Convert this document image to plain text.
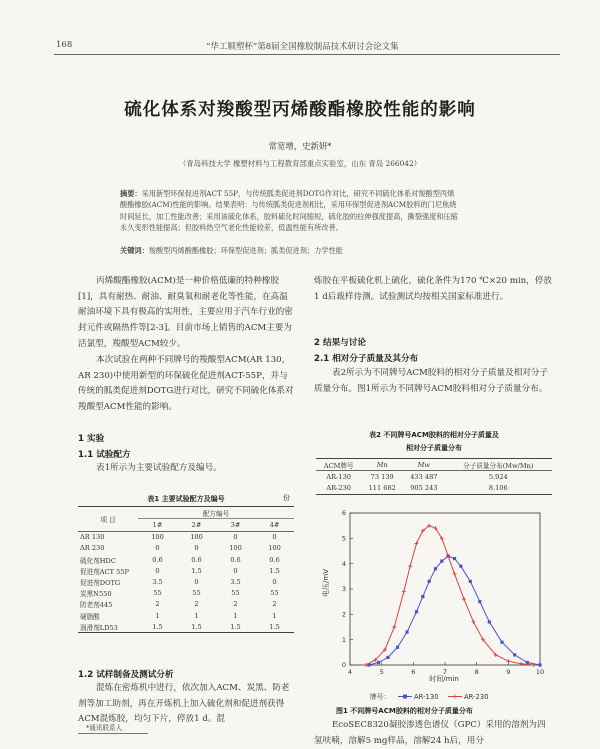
168	“华工顺塑杯”第8届全国橡胶制品技术研讨会论文集
硫化体系对羧酸型丙烯酸酯橡胶性能的影响
常宽增，史新妍*
（青岛科技大学 橡塑材料与工程教育部重点实验室，山东 青岛 266042）
摘要：采用新型环保促进剂ACT 55P，与传统胍类促进剂DOTG作对比，研究不同硫化体系对羧酸型丙烯酸酯橡胶(ACM)性能的影响。结果表明：与传统胍类促进剂相比，采用环保型促进剂ACM胶料的门尼焦烧时间延长，加工性能改善；采用该硫化体系，胶料硫化时间缩短，硫化胶的拉伸强度提高，撕裂强度和压缩永久变形性能提高；但胶料热空气老化性能较差，低温性能有所改善。
关键词：羧酸型丙烯酸酯橡胶；环保型促进剂；胍类促进剂；力学性能
丙烯酸酯橡胶(ACM)是一种价格低廉的特种橡胶[1]，具有耐热、耐油、耐臭氧和耐老化等性能，在高温耐油环境下具有极高的实用性，主要应用于汽车行业的密封元件或隔热件等[2-3]。目前市场上销售的ACM主要为活氯型，羧酸型ACM较少。
本次试验在两种不同牌号的羧酸型ACM(AR 130，AR 230)中使用新型的环保硫化促进剂ACT-55P，并与传统的胍类促进剂DOTG进行对比，研究不同硫化体系对羧酸型ACM性能的影响。
1 实验
1.1 试验配方
表1所示为主要试验配方及编号。
表1 主要试验配方及编号	份
项 目	配方编号			
	1#	2#	3#	4#
AR 130	100	100	0	0
AR 230	0	0	100	100
硫化剂HDC	0.6	0.6	0.6	0.6
促进剂ACT 55P	0	1.5	0	1.5
促进剂DOTG	3.5	0	3.5	0
炭黑N550	55	55	55	55
防老剂445	2	2	2	2
硬脂酸	1	1	1	1
润滑剂LD53	1.5	1.5	1.5	1.5
1.2 试样制备及测试分析
混炼在密炼机中进行，依次加入ACM、炭黑、防老剂等加工助剂，再在开炼机上加入硫化剂和促进剂获得ACM混炼胶，均匀下片，停放1 d。混
*通讯联系人
炼胶在平板硫化机上硫化，硫化条件为170 ℃×20 min，停放1 d后裁样待测。试验测试均按相关国家标准进行。
2 结果与讨论
2.1 相对分子质量及其分布
表2所示为不同牌号ACM胶料的相对分子质量及相对分子质量分布。图1所示为不同牌号ACM胶料相对分子质量分布。
表2 不同牌号ACM胶料的相对分子质量及
相对分子质量分布
ACM牌号	Mn	Mw	分子质量分布(Mw/Mn)
AR-130	73 139	433 487	5.924
AR-230	111 682	905 243	8.106
4	5	6	7	8	9	10
0
1
2
3
4
5
6
电压/mV
时间/min
牌号：	AR-130 + AR-230
图1 不同牌号ACM胶料的相对分子质量分布
EcoSEC8320凝胶渗透色谱仪（GPC）采用的溶剂为四氢呋喃，溶解5 mg样品，溶解24 h后，用分
